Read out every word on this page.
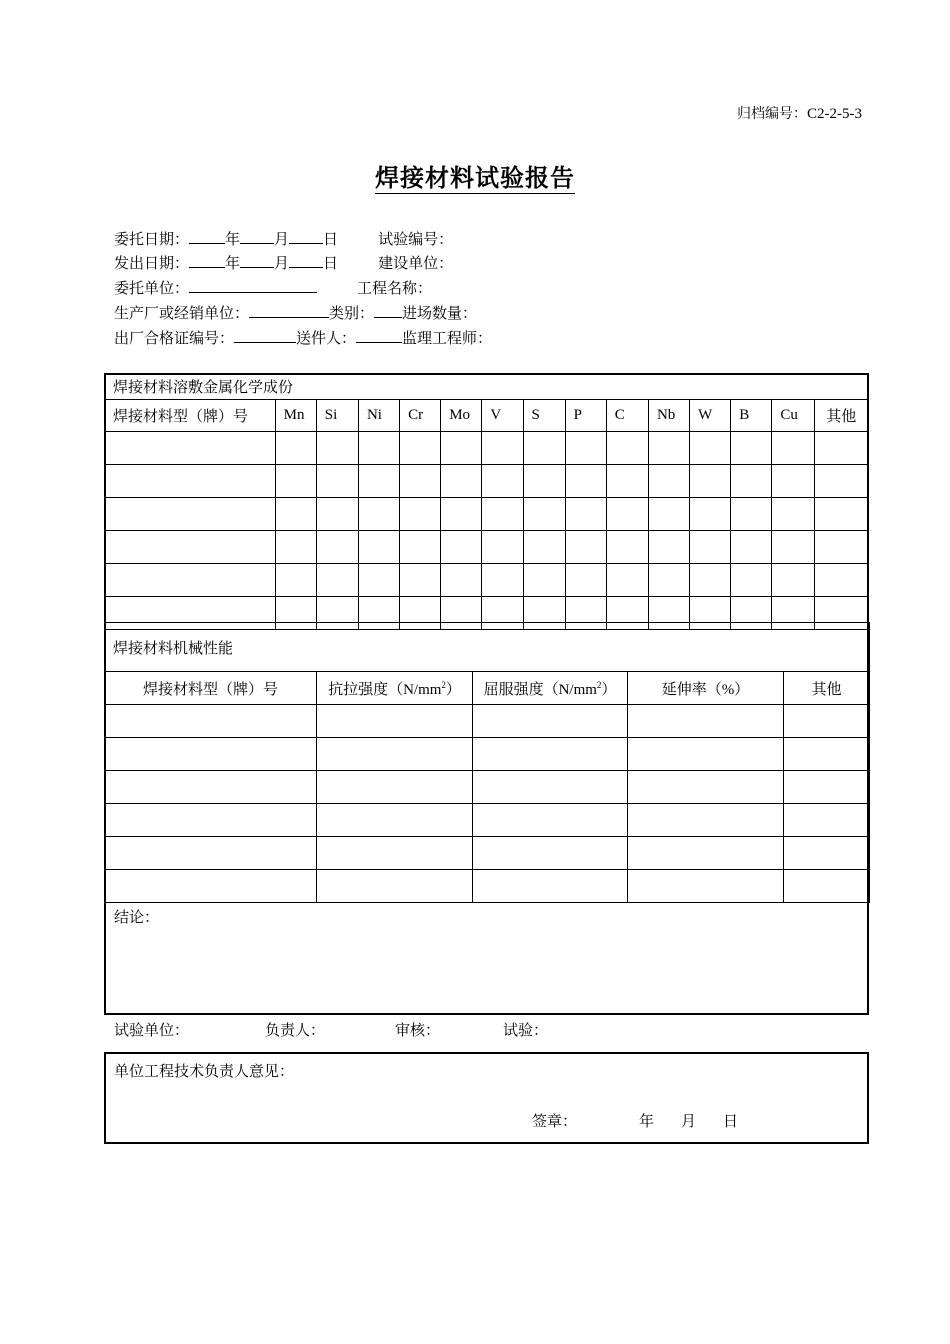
归档编号：C2-2-5-3
焊接材料试验报告
委托日期： 年 月 日	试验编号：
发出日期： 年 月 日	建设单位：
委托单位：	工程名称：
生产厂或经销单位：	类别： 进场数量：
出厂合格证编号：	送件人：	监理工程师：
焊接材料溶敷金属化学成份														
焊接材料型（牌）号	Mn	Si	Ni	Cr	Mo	V	S	P	C	Nb	W	B	Cu	其他

焊接材料机械性能				
焊接材料型（牌）号	抗拉强度$(N/mm^2)$	屈服强度$(N/mm^2)$	延伸率（%）	其他

结论：
试验单位：	负责人：	审核：	试验：
单位工程技术负责人意见：
签章：	年 月 日
